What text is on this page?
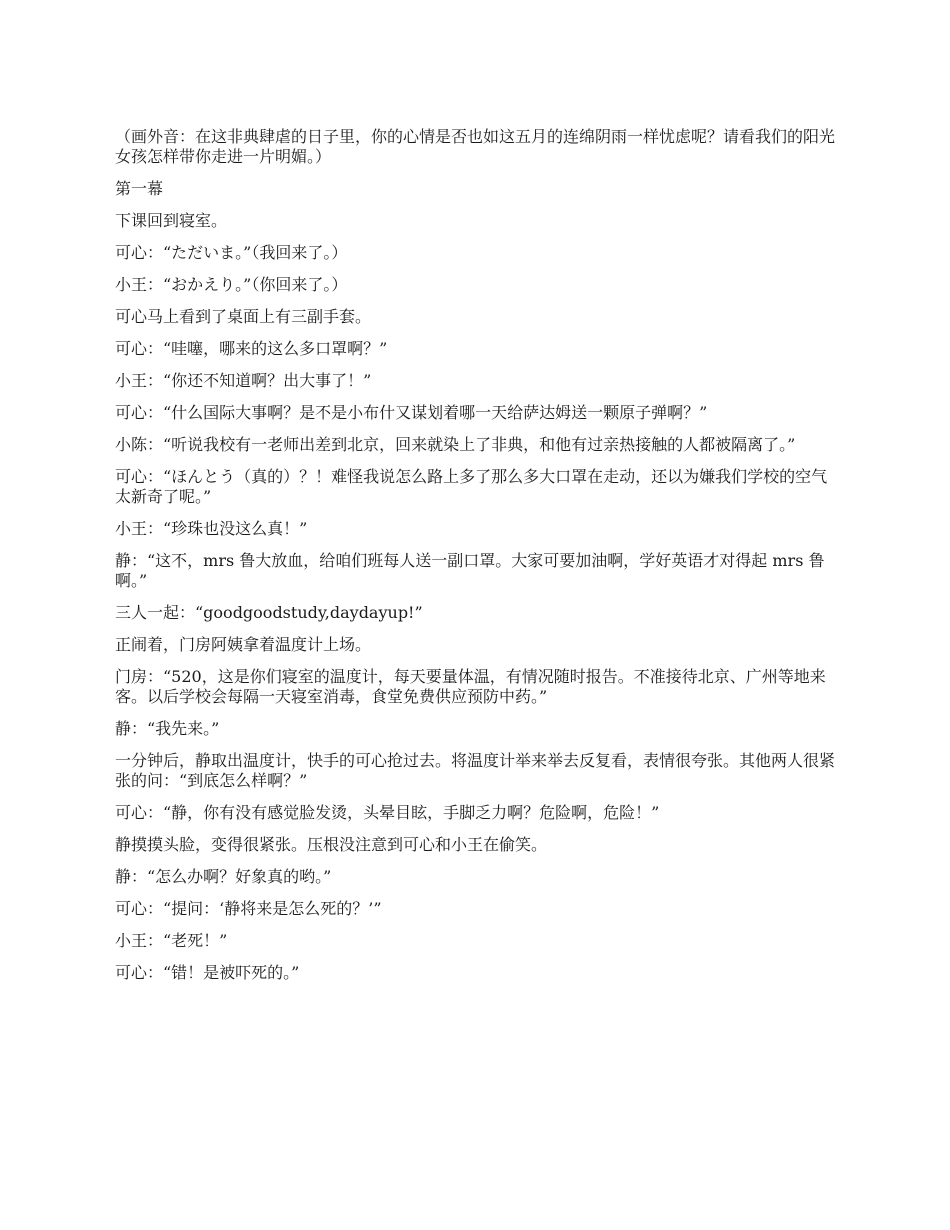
（画外音：在这非典肆虐的日子里，你的心情是否也如这五月的连绵阴雨一样忧虑呢？请看我们的阳光女孩怎样带你走进一片明媚。）

第一幕

下课回到寝室。

可心：“ただいま。”（我回来了。）

小王：“おかえり。”（你回来了。）

可心马上看到了桌面上有三副手套。

可心：“哇噻，哪来的这么多口罩啊？”

小王：“你还不知道啊？出大事了！”

可心：“什么国际大事啊？是不是小布什又谋划着哪一天给萨达姆送一颗原子弹啊？”

小陈：“听说我校有一老师出差到北京，回来就染上了非典，和他有过亲热接触的人都被隔离了。”

可心：“ほんとう（真的）？！难怪我说怎么路上多了那么多大口罩在走动，还以为嫌我们学校的空气太新奇了呢。”

小王：“珍珠也没这么真！”

静：“这不，mrs 鲁大放血，给咱们班每人送一副口罩。大家可要加油啊，学好英语才对得起 mrs 鲁啊。”

三人一起：“goodgoodstudy,daydayup!”

正闹着，门房阿姨拿着温度计上场。

门房：“520，这是你们寝室的温度计，每天要量体温，有情况随时报告。不准接待北京、广州等地来客。以后学校会每隔一天寝室消毒，食堂免费供应预防中药。”

静：“我先来。”

一分钟后，静取出温度计，快手的可心抢过去。将温度计举来举去反复看，表情很夸张。其他两人很紧张的问：“到底怎么样啊？”

可心：“静，你有没有感觉脸发烫，头晕目眩，手脚乏力啊？危险啊，危险！”

静摸摸头脸，变得很紧张。压根没注意到可心和小王在偷笑。

静：“怎么办啊？好象真的哟。”

可心：“提问：‘静将来是怎么死的？’”

小王：“老死！”

可心：“错！是被吓死的。”
